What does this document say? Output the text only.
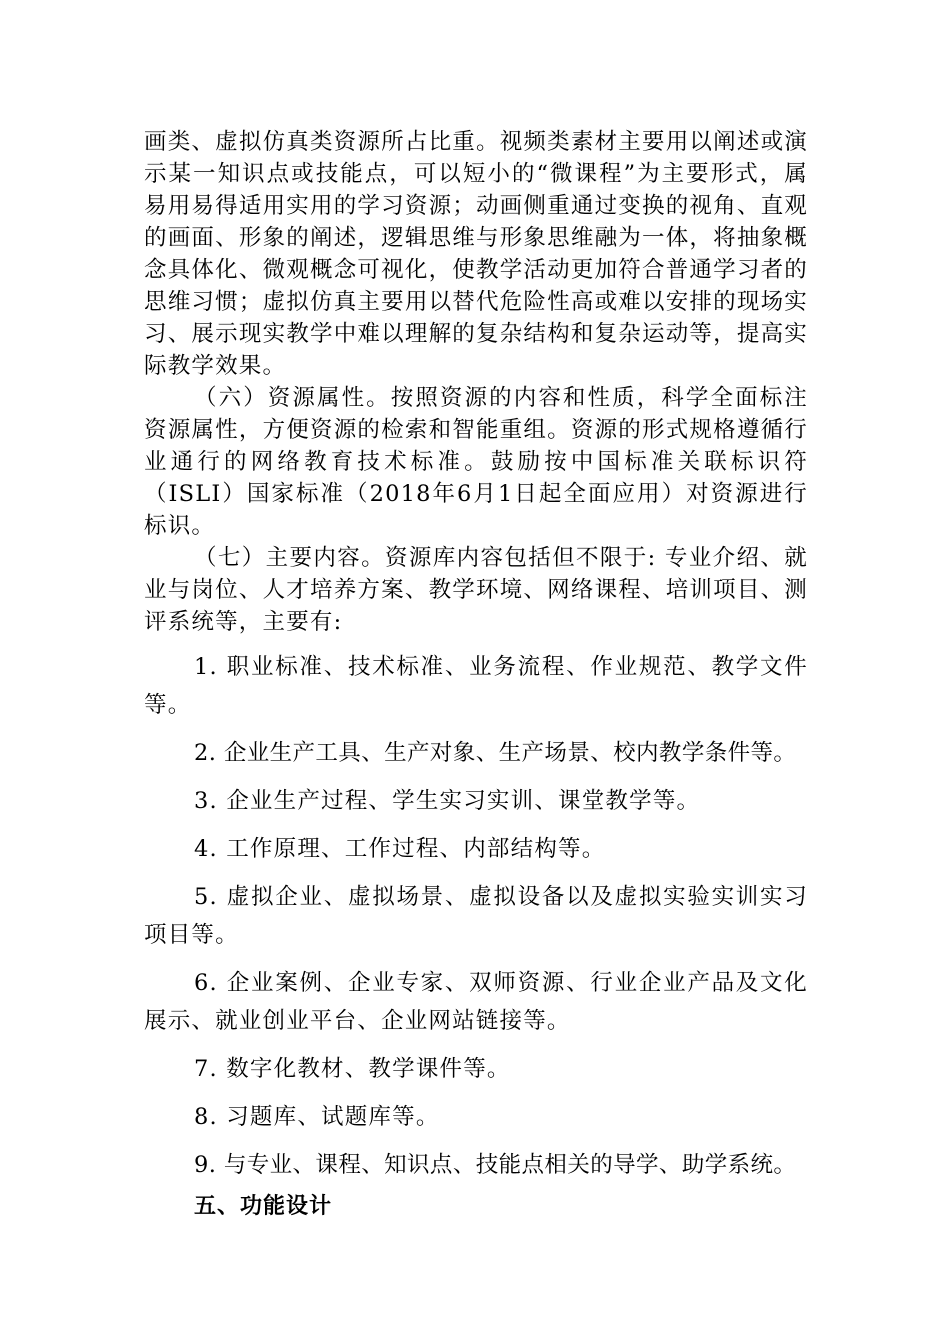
画类、虚拟仿真类资源所占比重。视频类素材主要用以阐述或演示某一知识点或技能点，可以短小的“微课程”为主要形式，属易用易得适用实用的学习资源；动画侧重通过变换的视角、直观的画面、形象的阐述，逻辑思维与形象思维融为一体，将抽象概念具体化、微观概念可视化，使教学活动更加符合普通学习者的思维习惯；虚拟仿真主要用以替代危险性高或难以安排的现场实习、展示现实教学中难以理解的复杂结构和复杂运动等，提高实际教学效果。

（六）资源属性。按照资源的内容和性质，科学全面标注资源属性，方便资源的检索和智能重组。资源的形式规格遵循行业通行的网络教育技术标准。鼓励按中国标准关联标识符（ISLI）国家标准（2018年6月1日起全面应用）对资源进行标识。

（七）主要内容。资源库内容包括但不限于: 专业介绍、就业与岗位、人才培养方案、教学环境、网络课程、培训项目、测评系统等，主要有:

1. 职业标准、技术标准、业务流程、作业规范、教学文件等。

2. 企业生产工具、生产对象、生产场景、校内教学条件等。

3. 企业生产过程、学生实习实训、课堂教学等。

4. 工作原理、工作过程、内部结构等。

5. 虚拟企业、虚拟场景、虚拟设备以及虚拟实验实训实习项目等。

6. 企业案例、企业专家、双师资源、行业企业产品及文化展示、就业创业平台、企业网站链接等。

7. 数字化教材、教学课件等。

8. 习题库、试题库等。

9. 与专业、课程、知识点、技能点相关的导学、助学系统。

五、功能设计
